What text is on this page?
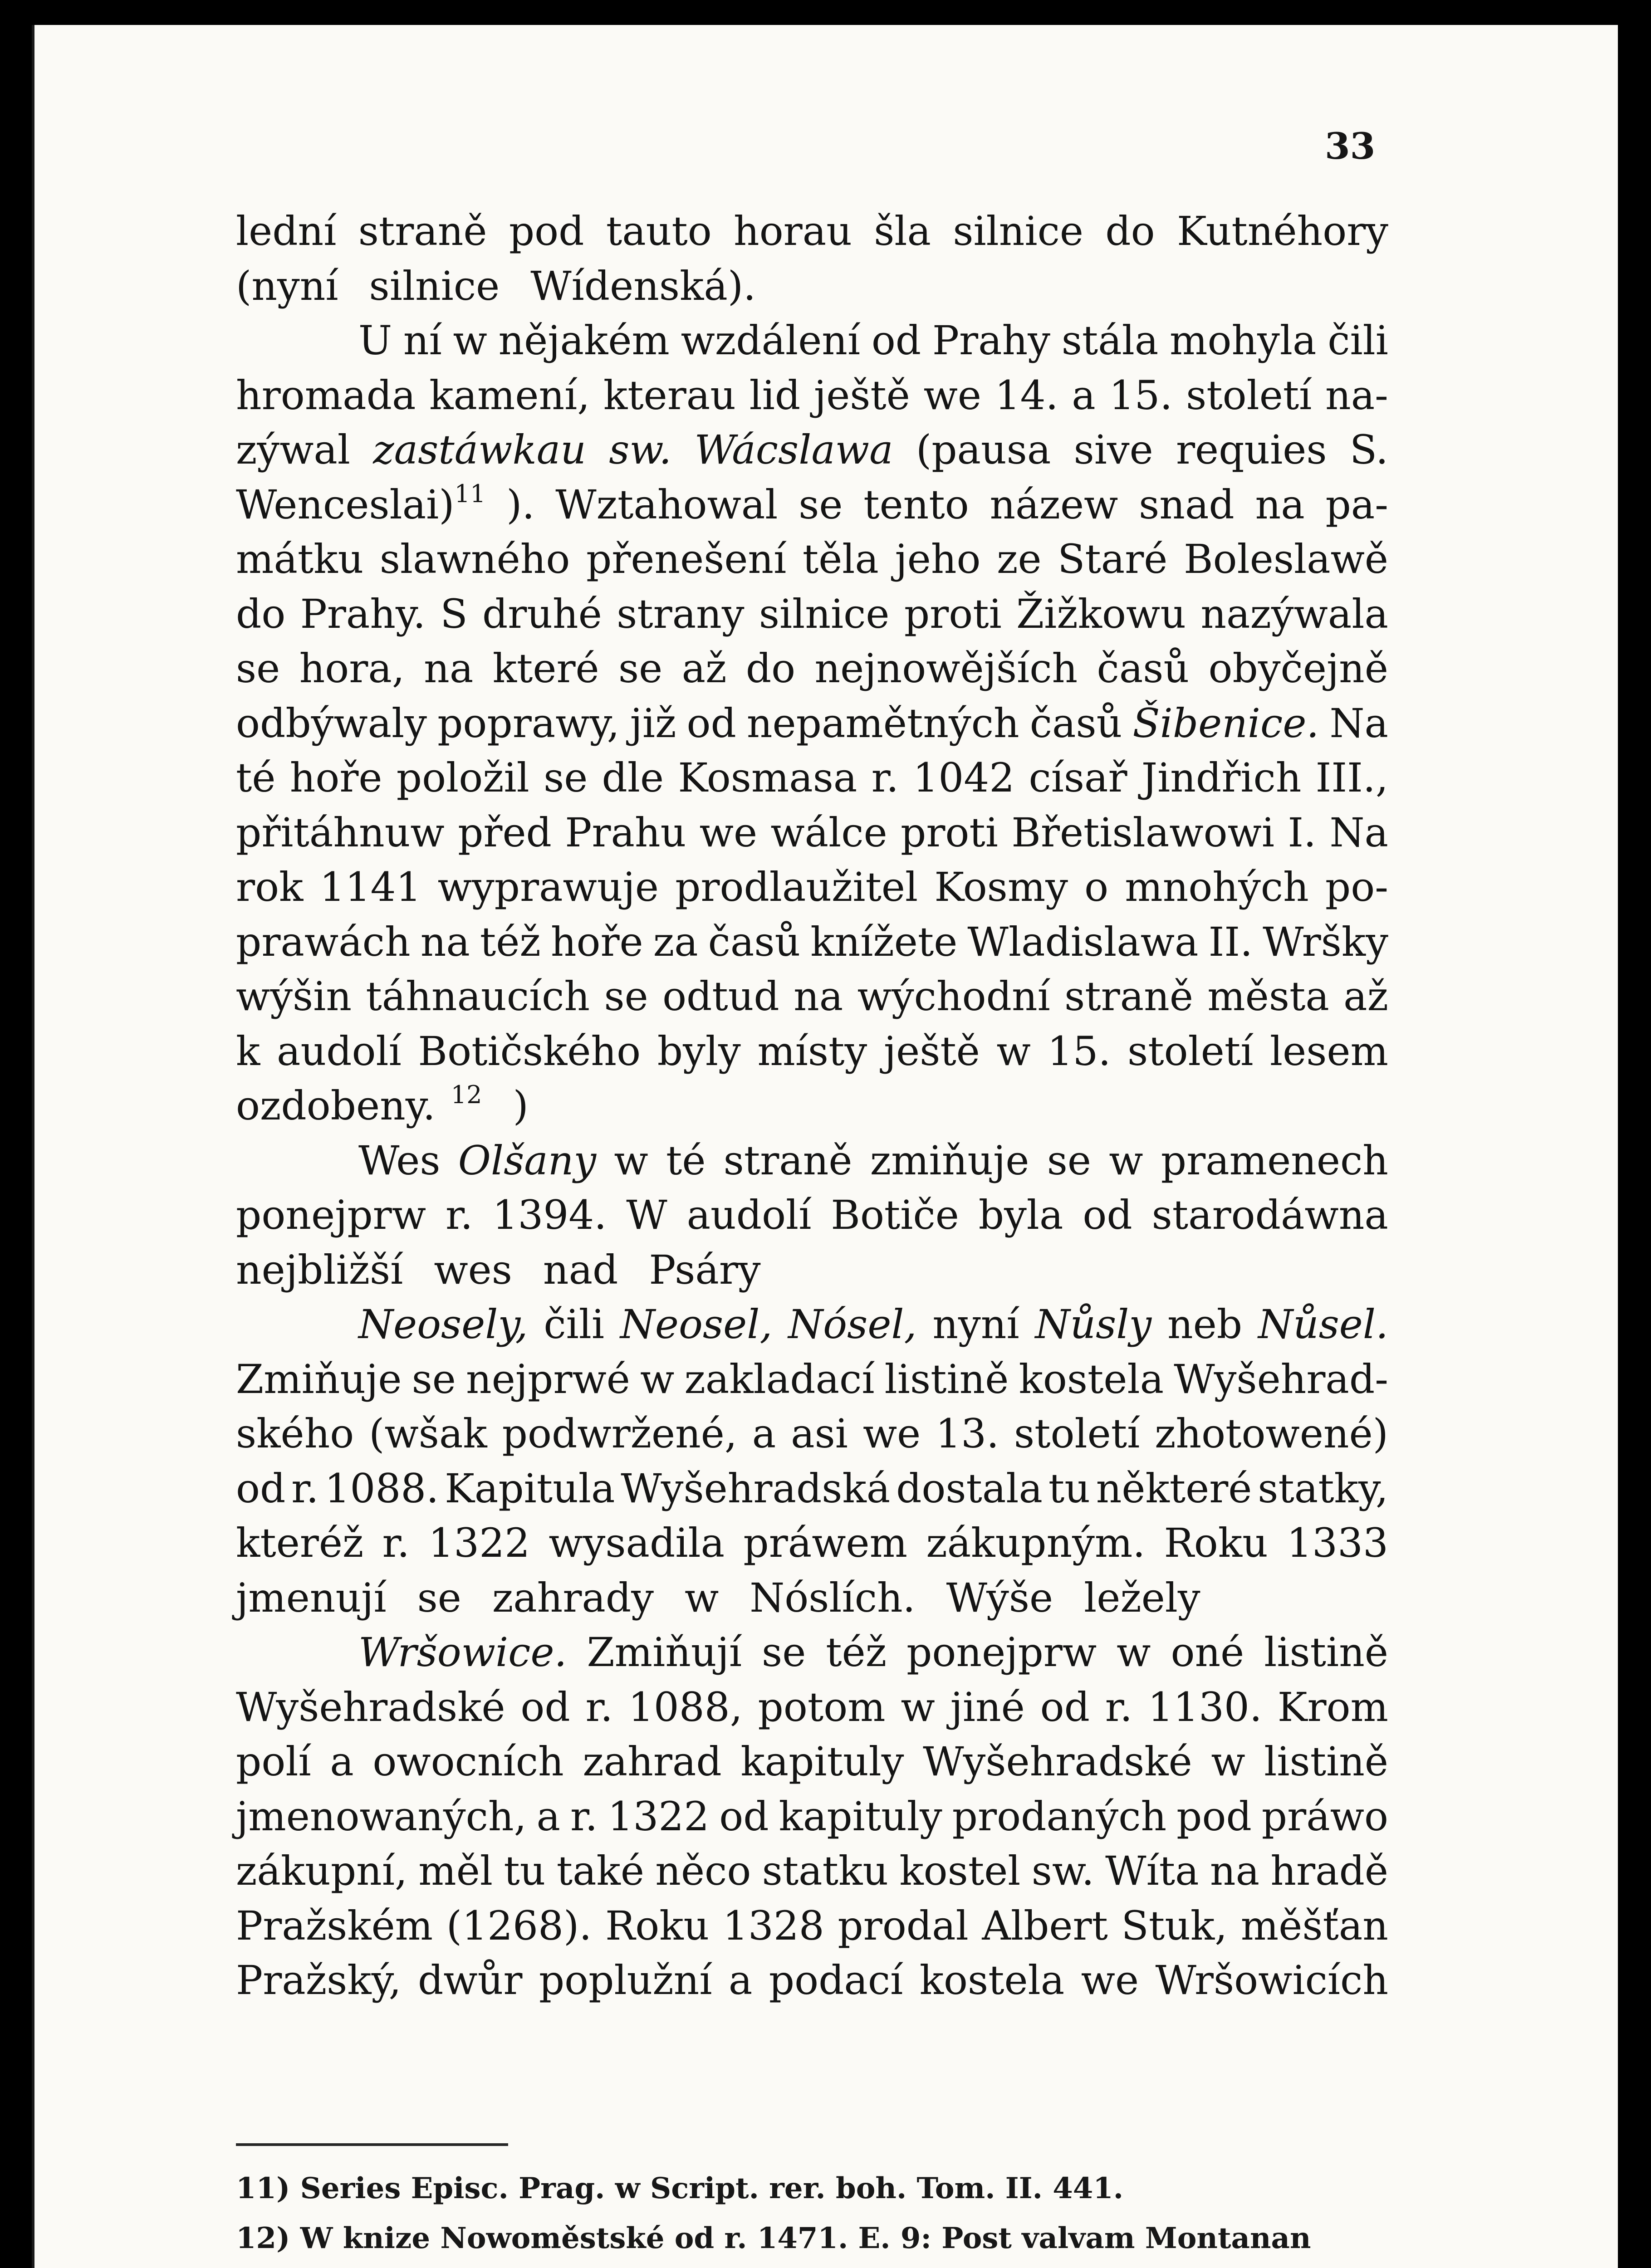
33
lední straně pod tauto horau šla silnice do Kutnéhory
(nyní silnice Wídenská).
U ní w nějakém wzdálení od Prahy stála mohyla čili
hromada kamení, kterau lid ještě we 14. a 15. století na-
zýwal zastáwkau sw. Wácslawa (pausa sive requies S.
Wenceslai)$^{11}$ ). Wztahowal se tento názew snad na pa-
mátku slawného přenešení těla jeho ze Staré Boleslawě
do Prahy. S druhé strany silnice proti Žižkowu nazýwala
se hora, na které se až do nejnowějších časů obyčejně
odbýwaly poprawy, již od nepamětných časů Šibenice. Na
té hoře položil se dle Kosmasa r. 1042 císař Jindřich III.,
přitáhnuw před Prahu we wálce proti Břetislawowi I. Na
rok 1141 wyprawuje prodlaužitel Kosmy o mnohých po-
prawách na též hoře za časů knížete Wladislawa II. Wršky
wýšin táhnaucích se odtud na wýchodní straně města až
k audolí Botičského byly místy ještě w 15. století lesem
ozdobeny. $^{12}$ )
Wes Olšany w té straně zmiňuje se w pramenech
ponejprw r. 1394. W audolí Botiče byla od starodáwna
nejbližší wes nad Psáry
Neosely, čili Neosel, Nósel, nyní Nůsly neb Nůsel.
Zmiňuje se nejprwé w zakladací listině kostela Wyšehrad-
ského (wšak podwržené, a asi we 13. století zhotowené)
od r. 1088. Kapitula Wyšehradská dostala tu některé statky,
kteréž r. 1322 wysadila práwem zákupným. Roku 1333
jmenují se zahrady w Nóslích. Wýše ležely
Wršowice. Zmiňují se též ponejprw w oné listině
Wyšehradské od r. 1088, potom w jiné od r. 1130. Krom
polí a owocních zahrad kapituly Wyšehradské w listině
jmenowaných, a r. 1322 od kapituly prodaných pod práwo
zákupní, měl tu také něco statku kostel sw. Wíta na hradě
Pražském (1268). Roku 1328 prodal Albert Stuk, měšťan
Pražský, dwůr poplužní a podací kostela we Wršowicích
11) Series Episc. Prag. w Script. rer. boh. Tom. II. 441.
12) W knize Nowoměstské od r. 1471. E. 9: Post valvam Montanan
